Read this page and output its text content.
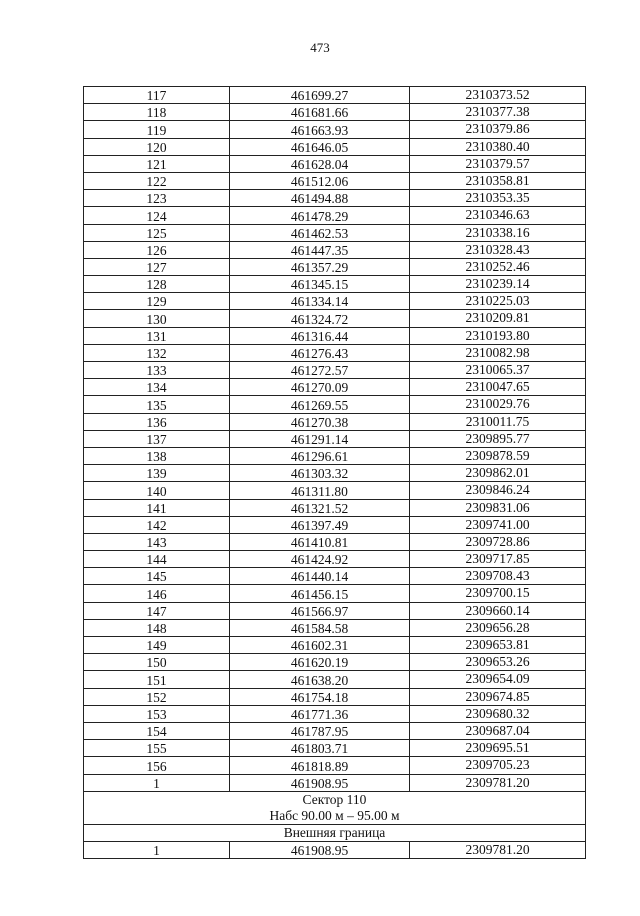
473
117	461699.27	2310373.52
118	461681.66	2310377.38
119	461663.93	2310379.86
120	461646.05	2310380.40
121	461628.04	2310379.57
122	461512.06	2310358.81
123	461494.88	2310353.35
124	461478.29	2310346.63
125	461462.53	2310338.16
126	461447.35	2310328.43
127	461357.29	2310252.46
128	461345.15	2310239.14
129	461334.14	2310225.03
130	461324.72	2310209.81
131	461316.44	2310193.80
132	461276.43	2310082.98
133	461272.57	2310065.37
134	461270.09	2310047.65
135	461269.55	2310029.76
136	461270.38	2310011.75
137	461291.14	2309895.77
138	461296.61	2309878.59
139	461303.32	2309862.01
140	461311.80	2309846.24
141	461321.52	2309831.06
142	461397.49	2309741.00
143	461410.81	2309728.86
144	461424.92	2309717.85
145	461440.14	2309708.43
146	461456.15	2309700.15
147	461566.97	2309660.14
148	461584.58	2309656.28
149	461602.31	2309653.81
150	461620.19	2309653.26
151	461638.20	2309654.09
152	461754.18	2309674.85
153	461771.36	2309680.32
154	461787.95	2309687.04
155	461803.71	2309695.51
156	461818.89	2309705.23
1	461908.95	2309781.20

Сектор 110
Набс 90.00 м – 95.00 м		

Внешняя граница		
1	461908.95	2309781.20
